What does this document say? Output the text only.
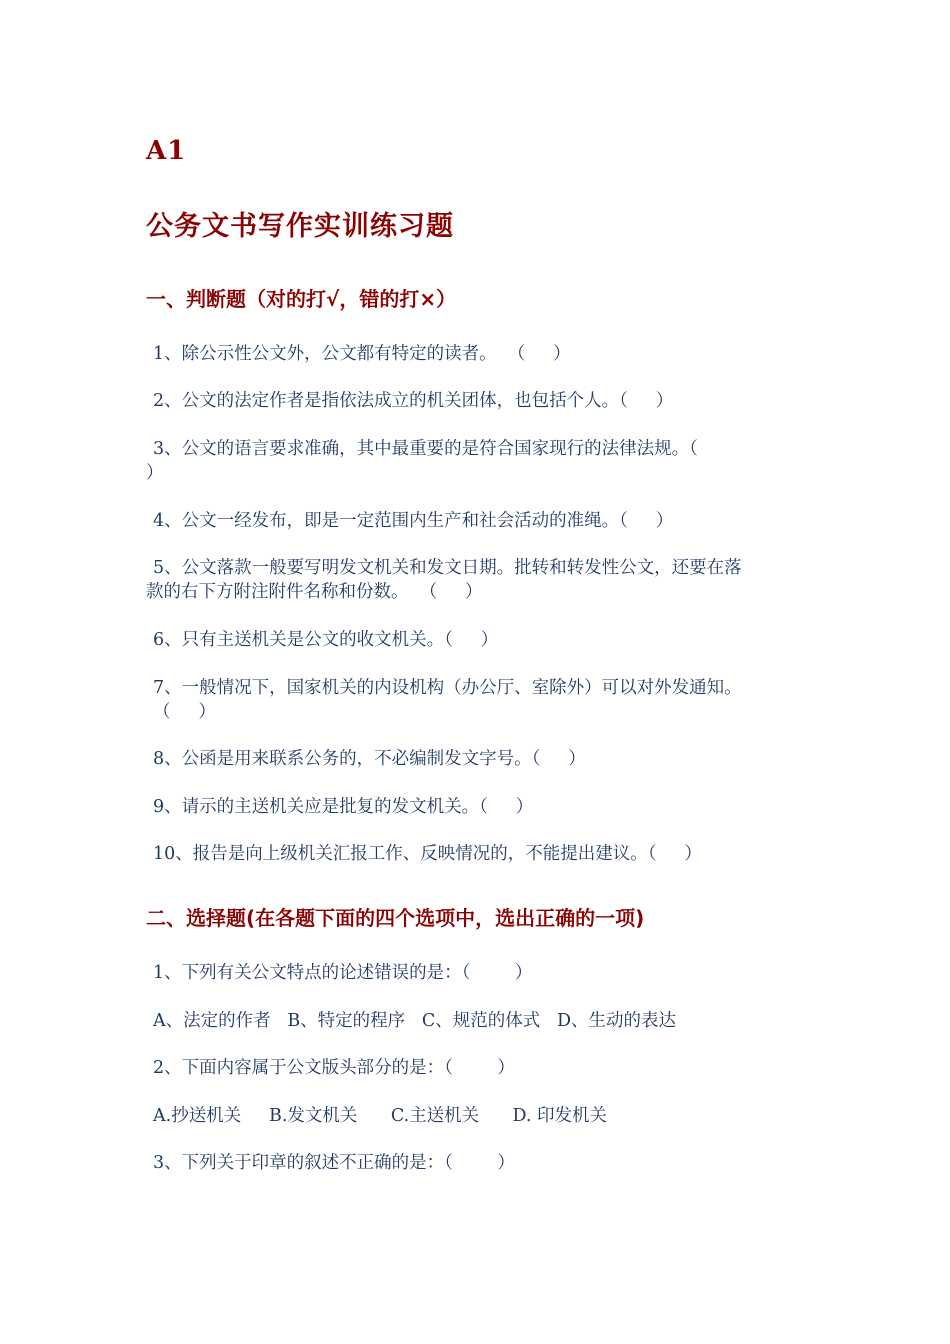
A1
公务文书写作实训练习题
一、判断题（对的打√，错的打×）
1、除公示性公文外，公文都有特定的读者。  （     ）
2、公文的法定作者是指依法成立的机关团体，也包括个人。（     ）
3、公文的语言要求准确，其中最重要的是符合国家现行的法律法规。（
）
4、公文一经发布，即是一定范围内生产和社会活动的准绳。（     ）
5、公文落款一般要写明发文机关和发文日期。批转和转发性公文，还要在落
款的右下方附注附件名称和份数。  （     ）
6、只有主送机关是公文的收文机关。（     ）
7、一般情况下，国家机关的内设机构（办公厅、室除外）可以对外发通知。
（     ）
8、公函是用来联系公务的，不必编制发文字号。（     ）
9、请示的主送机关应是批复的发文机关。（     ）
10、报告是向上级机关汇报工作、反映情况的，不能提出建议。（     ）
二、选择题(在各题下面的四个选项中，选出正确的一项)
1、下列有关公文特点的论述错误的是：（        ）
A、法定的作者   B、特定的程序   C、规范的体式   D、生动的表达
2、下面内容属于公文版头部分的是：（        ）
A.抄送机关     B.发文机关      C.主送机关      D. 印发机关
3、下列关于印章的叙述不正确的是：（        ）
